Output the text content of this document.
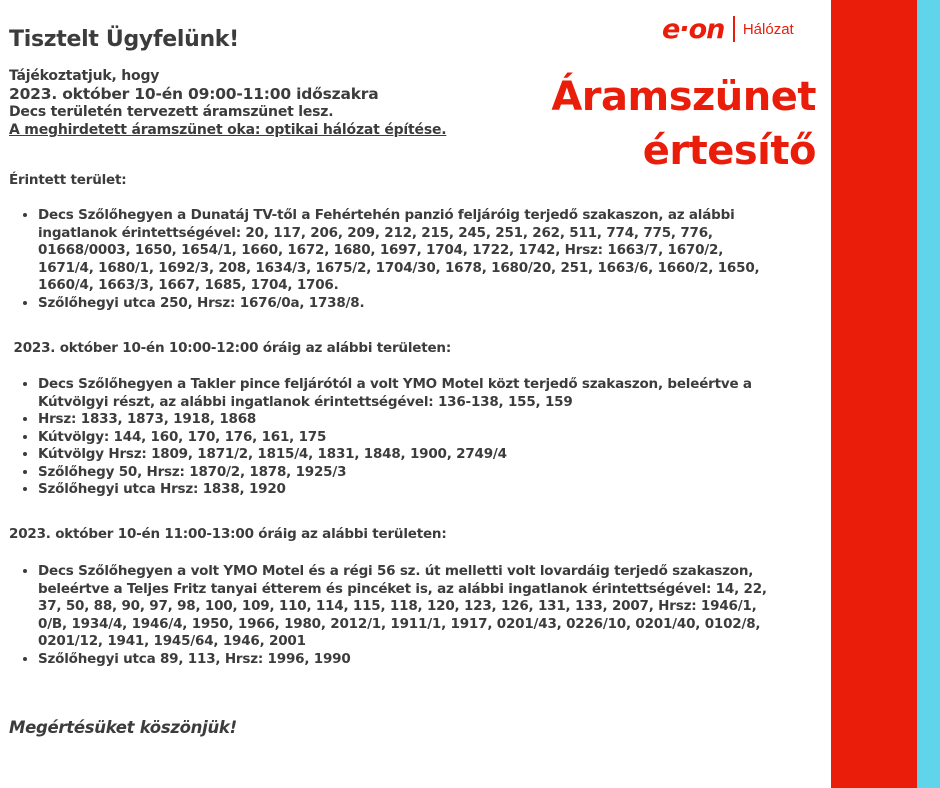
e·on Hálózat
Áramszünet
értesítő
Tisztelt Ügyfelünk!
Tájékoztatjuk, hogy
2023. október 10-én 09:00-11:00 időszakra
Decs területén tervezett áramszünet lesz.
A meghirdetett áramszünet oka: optikai hálózat építése.
Érintett terület:
• Decs Szőlőhegyen a Dunatáj TV-től a Fehértehén panzió feljáróig terjedő szakaszon, az alábbi ingatlanok érintettségével: 20, 117, 206, 209, 212, 215, 245, 251, 262, 511, 774, 775, 776, 01668/0003, 1650, 1654/1, 1660, 1672, 1680, 1697, 1704, 1722, 1742, Hrsz: 1663/7, 1670/2, 1671/4, 1680/1, 1692/3, 208, 1634/3, 1675/2, 1704/30, 1678, 1680/20, 251, 1663/6, 1660/2, 1650, 1660/4, 1663/3, 1667, 1685, 1704, 1706.
• Szőlőhegyi utca 250, Hrsz: 1676/0a, 1738/8.
2023. október 10-én 10:00-12:00 óráig az alábbi területen:
• Decs Szőlőhegyen a Takler pince feljárótól a volt YMO Motel közt terjedő szakaszon, beleértve a Kútvölgyi részt, az alábbi ingatlanok érintettségével: 136-138, 155, 159
• Hrsz: 1833, 1873, 1918, 1868
• Kútvölgy: 144, 160, 170, 176, 161, 175
• Kútvölgy Hrsz: 1809, 1871/2, 1815/4, 1831, 1848, 1900, 2749/4
• Szőlőhegy 50, Hrsz: 1870/2, 1878, 1925/3
• Szőlőhegyi utca Hrsz: 1838, 1920
2023. október 10-én 11:00-13:00 óráig az alábbi területen:
• Decs Szőlőhegyen a volt YMO Motel és a régi 56 sz. út melletti volt lovardáig terjedő szakaszon, beleértve a Teljes Fritz tanyai étterem és pincéket is, az alábbi ingatlanok érintettségével: 14, 22, 37, 50, 88, 90, 97, 98, 100, 109, 110, 114, 115, 118, 120, 123, 126, 131, 133, 2007, Hrsz: 1946/1, 0/B, 1934/4, 1946/4, 1950, 1966, 1980, 2012/1, 1911/1, 1917, 0201/43, 0226/10, 0201/40, 0102/8, 0201/12, 1941, 1945/64, 1946, 2001
• Szőlőhegyi utca 89, 113, Hrsz: 1996, 1990
Megértésüket köszönjük!
